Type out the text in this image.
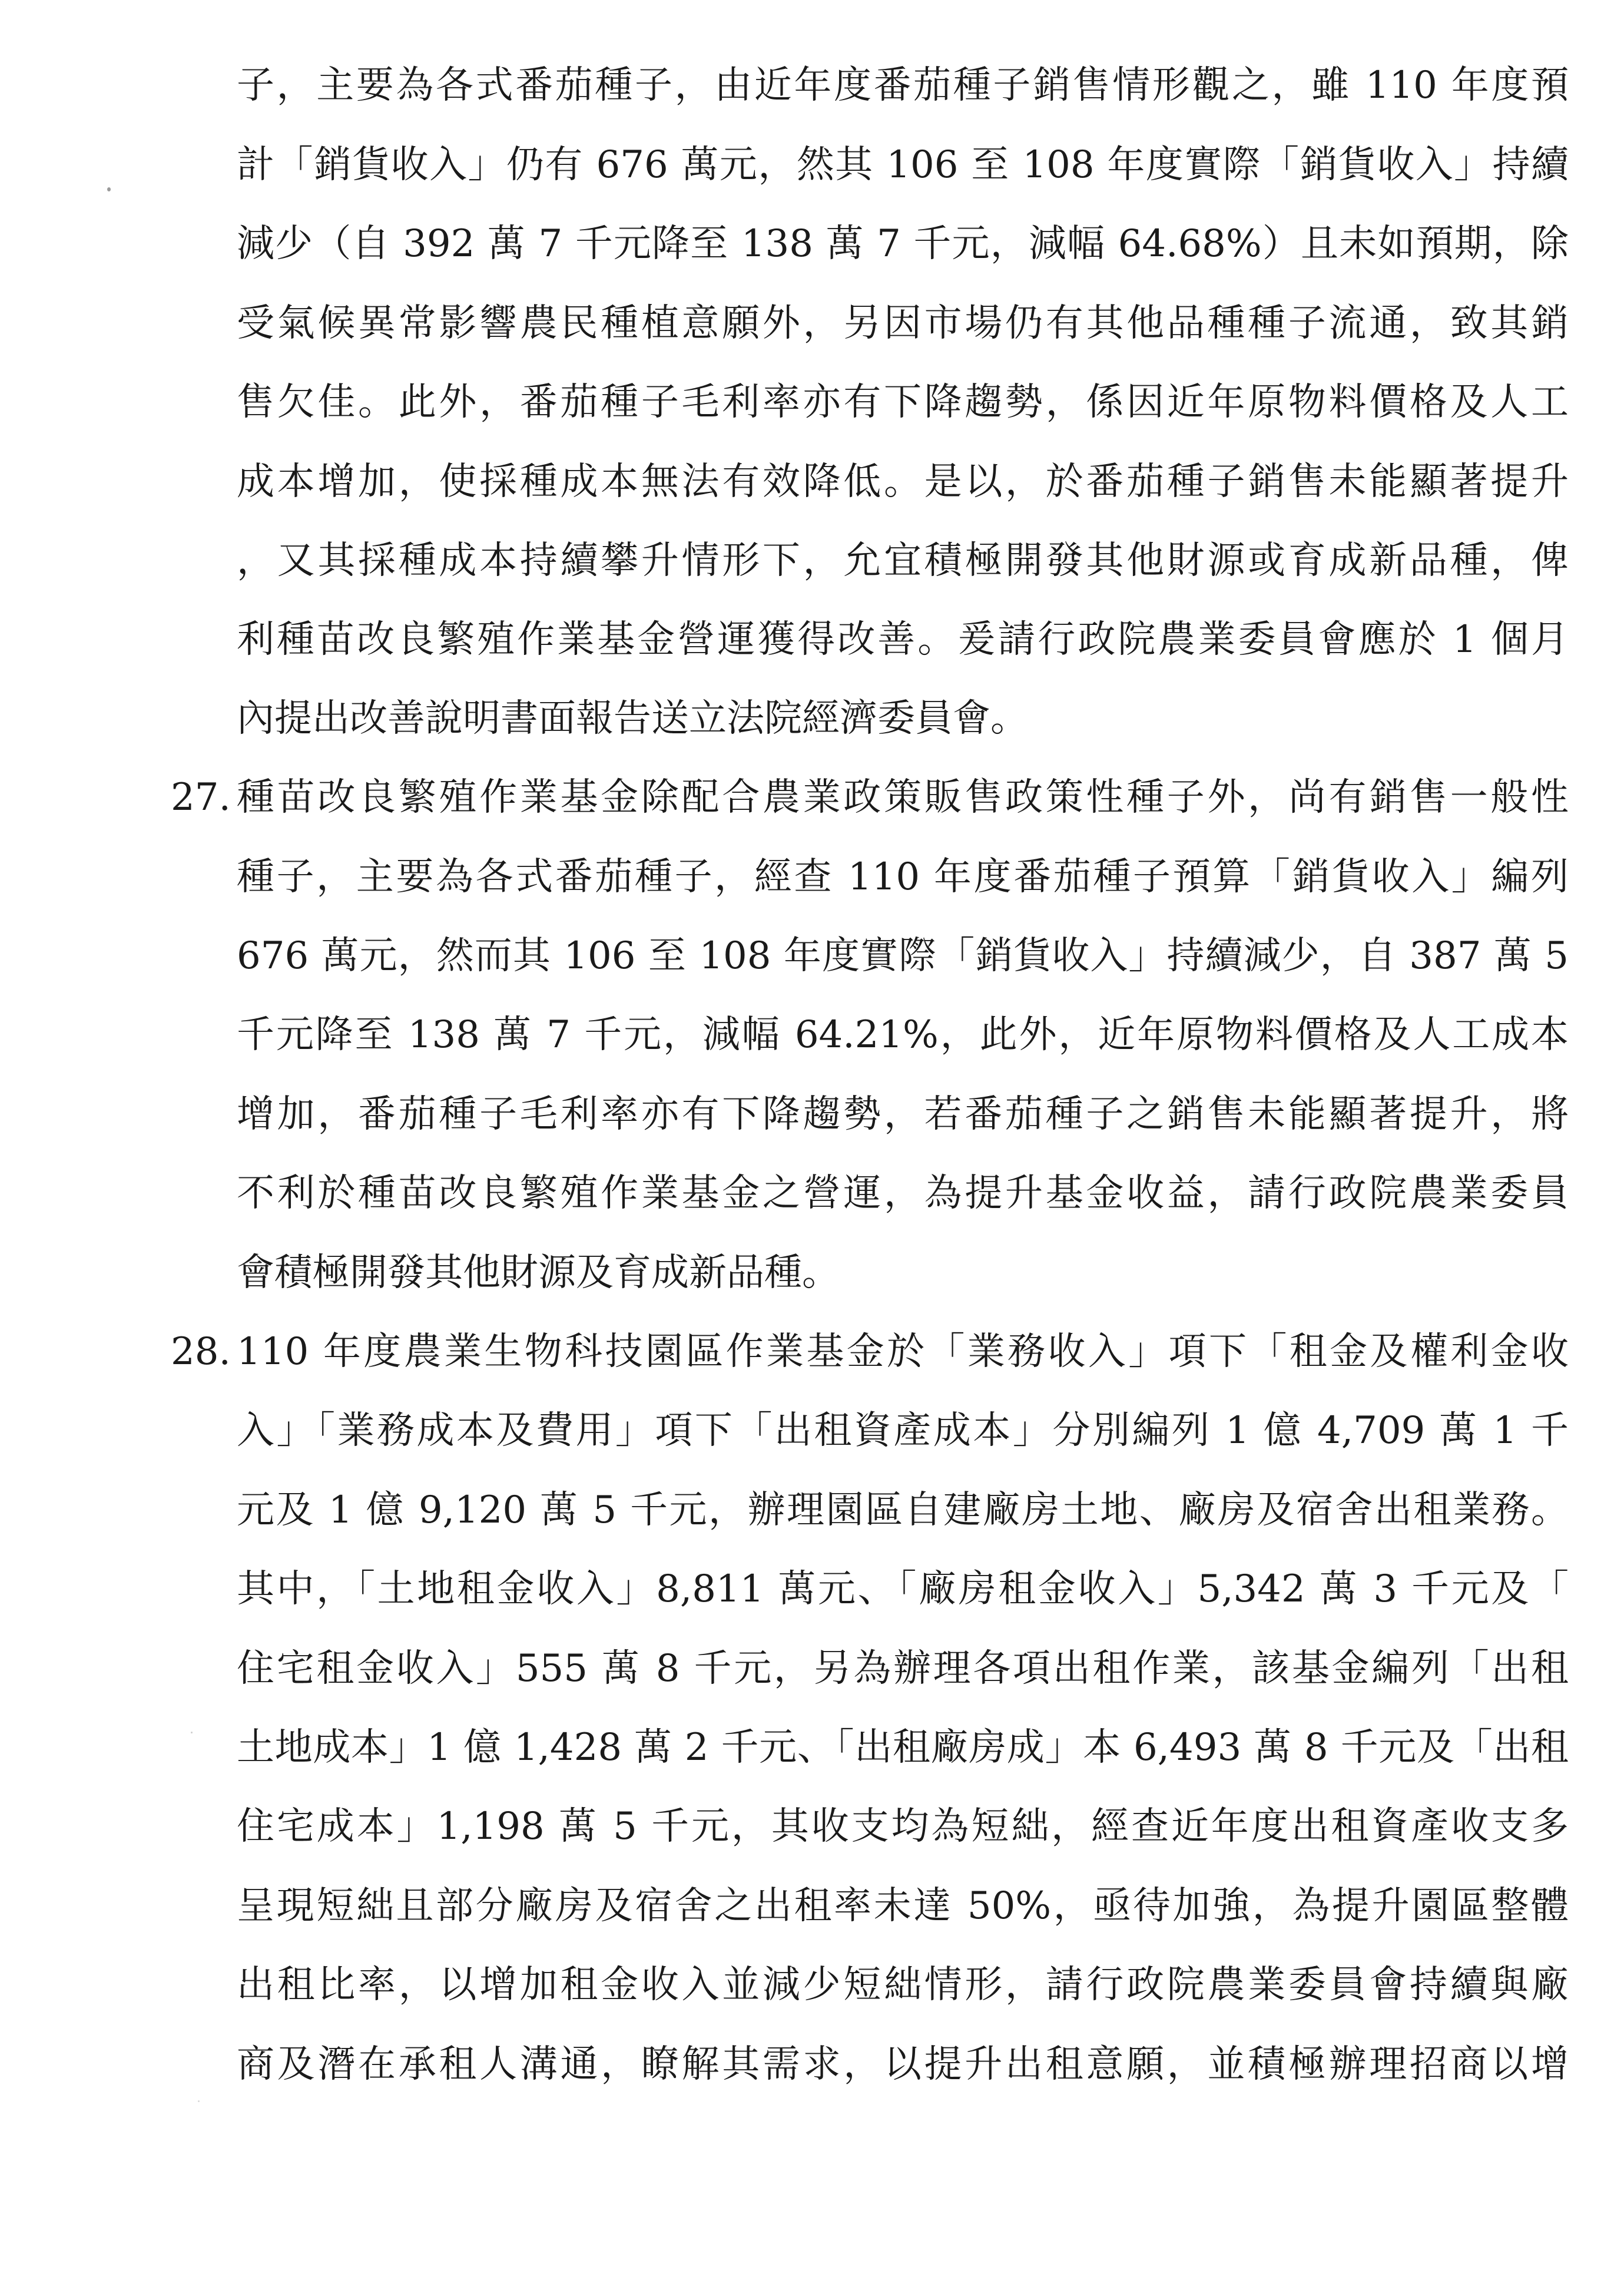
子，主要為各式番茄種子，由近年度番茄種子銷售情形觀之，雖 110 年度預
計「銷貨收入」仍有 676 萬元，然其 106 至 108 年度實際「銷貨收入」持續
減少（自 392 萬 7 千元降至 138 萬 7 千元，減幅 64.68%）且未如預期，除
受氣候異常影響農民種植意願外，另因市場仍有其他品種種子流通，致其銷
售欠佳。此外，番茄種子毛利率亦有下降趨勢，係因近年原物料價格及人工
成本增加，使採種成本無法有效降低。是以，於番茄種子銷售未能顯著提升
，又其採種成本持續攀升情形下，允宜積極開發其他財源或育成新品種，俾
利種苗改良繁殖作業基金營運獲得改善。爰請行政院農業委員會應於 1 個月
內提出改善說明書面報告送立法院經濟委員會。
27. 種苗改良繁殖作業基金除配合農業政策販售政策性種子外，尚有銷售一般性
種子，主要為各式番茄種子，經查 110 年度番茄種子預算「銷貨收入」編列
676 萬元，然而其 106 至 108 年度實際「銷貨收入」持續減少，自 387 萬 5
千元降至 138 萬 7 千元，減幅 64.21%，此外，近年原物料價格及人工成本
增加，番茄種子毛利率亦有下降趨勢，若番茄種子之銷售未能顯著提升，將
不利於種苗改良繁殖作業基金之營運，為提升基金收益，請行政院農業委員
會積極開發其他財源及育成新品種。
28. 110 年度農業生物科技園區作業基金於「業務收入」項下「租金及權利金收
入」「業務成本及費用」項下「出租資產成本」分別編列 1 億 4,709 萬 1 千
元及 1 億 9,120 萬 5 千元，辦理園區自建廠房土地、廠房及宿舍出租業務。
其中，「土地租金收入」8,811 萬元、「廠房租金收入」5,342 萬 3 千元及「
住宅租金收入」555 萬 8 千元，另為辦理各項出租作業，該基金編列「出租
土地成本」1 億 1,428 萬 2 千元、「出租廠房成」本 6,493 萬 8 千元及「出租
住宅成本」1,198 萬 5 千元，其收支均為短絀，經查近年度出租資產收支多
呈現短絀且部分廠房及宿舍之出租率未達 50%，亟待加強，為提升園區整體
出租比率，以增加租金收入並減少短絀情形，請行政院農業委員會持續與廠
商及潛在承租人溝通，瞭解其需求，以提升出租意願，並積極辦理招商以增
